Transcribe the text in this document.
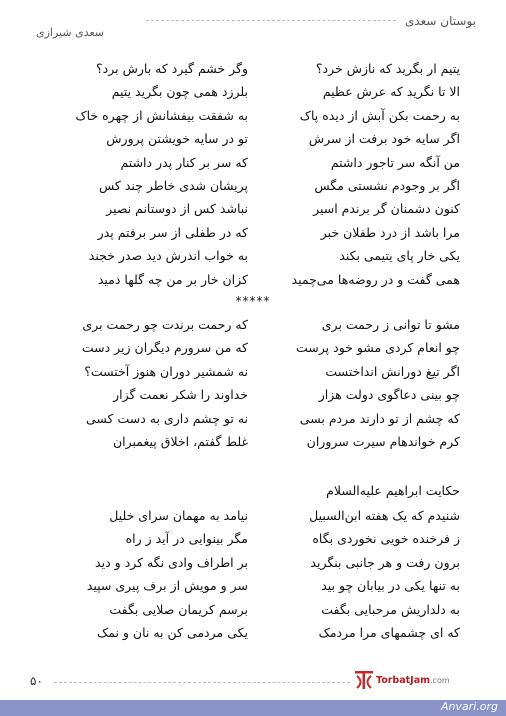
بوستان سعدی
سعدی شیرازی
یتیم ار بگرید که نازش خرد؟
وگر خشم گیرد که بارش برد؟
الا تا نگرید که عرش عظیم
بلرزد همی چون بگرید یتیم
به رحمت بکن آبش از دیده پاک
به شفقت بیفشانش از چهره خاک
اگر سایه خود برفت از سرش
تو در سایه خویشتن پرورش
من آنگه سر تاجور داشتم
که سر بر کنار پدر داشتم
اگر بر وجودم نشستی مگس
پریشان شدی خاطر چند کس
کنون دشمنان گر برندم اسیر
نباشد کس از دوستانم نصیر
مرا باشد از درد طفلان خبر
که در طفلی از سر برفتم پدر
یکی خار پای یتیمی بکند
به خواب اندرش دید صدر خجند
همی گفت و در روضه‌ها می‌چمید
کزان خار بر من چه گلها دمید
*****
مشو تا توانی ز رحمت بری
که رحمت برندت چو رحمت بری
چو انعام کردی مشو خود پرست
که من سرورم دیگران زیر دست
اگر تیغ دورانش انداختست
نه شمشیر دوران هنوز آختست؟
چو بینی دعاگوی دولت هزار
خداوند را شکر نعمت گزار
که چشم از تو دارند مردم بسی
نه تو چشم داری به دست کسی
کرم خواندهام سیرت سروران
غلط گفتم، اخلاق پیغمبران
حکایت ابراهیم علیه‌السلام
شنیدم که یک هفته ابن‌السبیل
نیامد به مهمان سرای خلیل
ز فرخنده خویی نخوردی بگاه
مگر بینوایی در آید ز راه
برون رفت و هر جانبی بنگرید
بر اطراف وادی نگه کرد و دید
به تنها یکی در بیابان چو بید
سر و مویش از برف پیری سپید
به دلداریش مرحبایی بگفت
برسم کریمان صلایی بگفت
که ای چشمهای مرا مردمک
یکی مردمی کن به نان و نمک
۵۰	TorbatJam.com
Anvari.org
